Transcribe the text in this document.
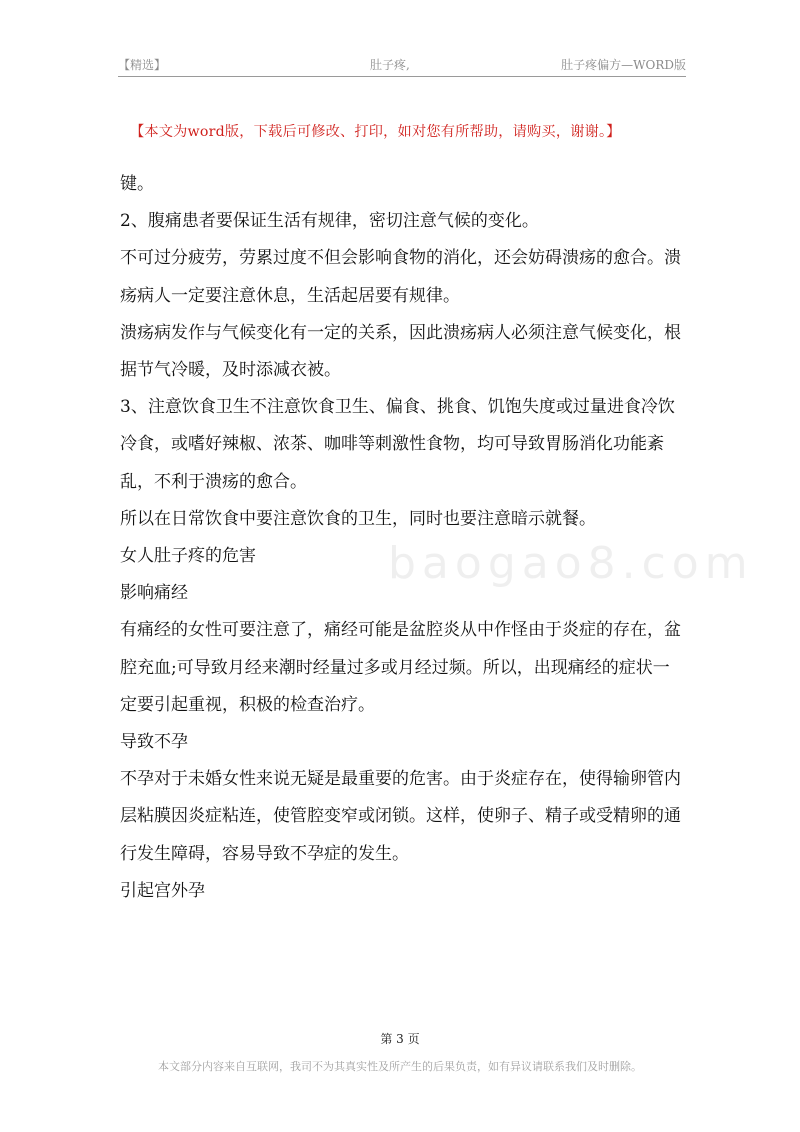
【精选】	肚子疼,	肚子疼偏方—WORD版
【本文为word版，下载后可修改、打印，如对您有所帮助，请购买，谢谢。】
baogao8.com

键。

2、腹痛患者要保证生活有规律，密切注意气候的变化。

不可过分疲劳，劳累过度不但会影响食物的消化，还会妨碍溃疡的愈合。溃疡病人一定要注意休息，生活起居要有规律。

溃疡病发作与气候变化有一定的关系，因此溃疡病人必须注意气候变化，根据节气冷暖，及时添减衣被。

3、注意饮食卫生不注意饮食卫生、偏食、挑食、饥饱失度或过量进食冷饮冷食，或嗜好辣椒、浓茶、咖啡等刺激性食物，均可导致胃肠消化功能紊乱，不利于溃疡的愈合。

所以在日常饮食中要注意饮食的卫生，同时也要注意暗示就餐。

女人肚子疼的危害

影响痛经

有痛经的女性可要注意了，痛经可能是盆腔炎从中作怪由于炎症的存在，盆腔充血;可导致月经来潮时经量过多或月经过频。所以，出现痛经的症状一定要引起重视，积极的检查治疗。

导致不孕

不孕对于未婚女性来说无疑是最重要的危害。由于炎症存在，使得输卵管内层粘膜因炎症粘连，使管腔变窄或闭锁。这样，使卵子、精子或受精卵的通行发生障碍，容易导致不孕症的发生。

引起宫外孕

第 3 页
本文部分内容来自互联网，我司不为其真实性及所产生的后果负责，如有异议请联系我们及时删除。
